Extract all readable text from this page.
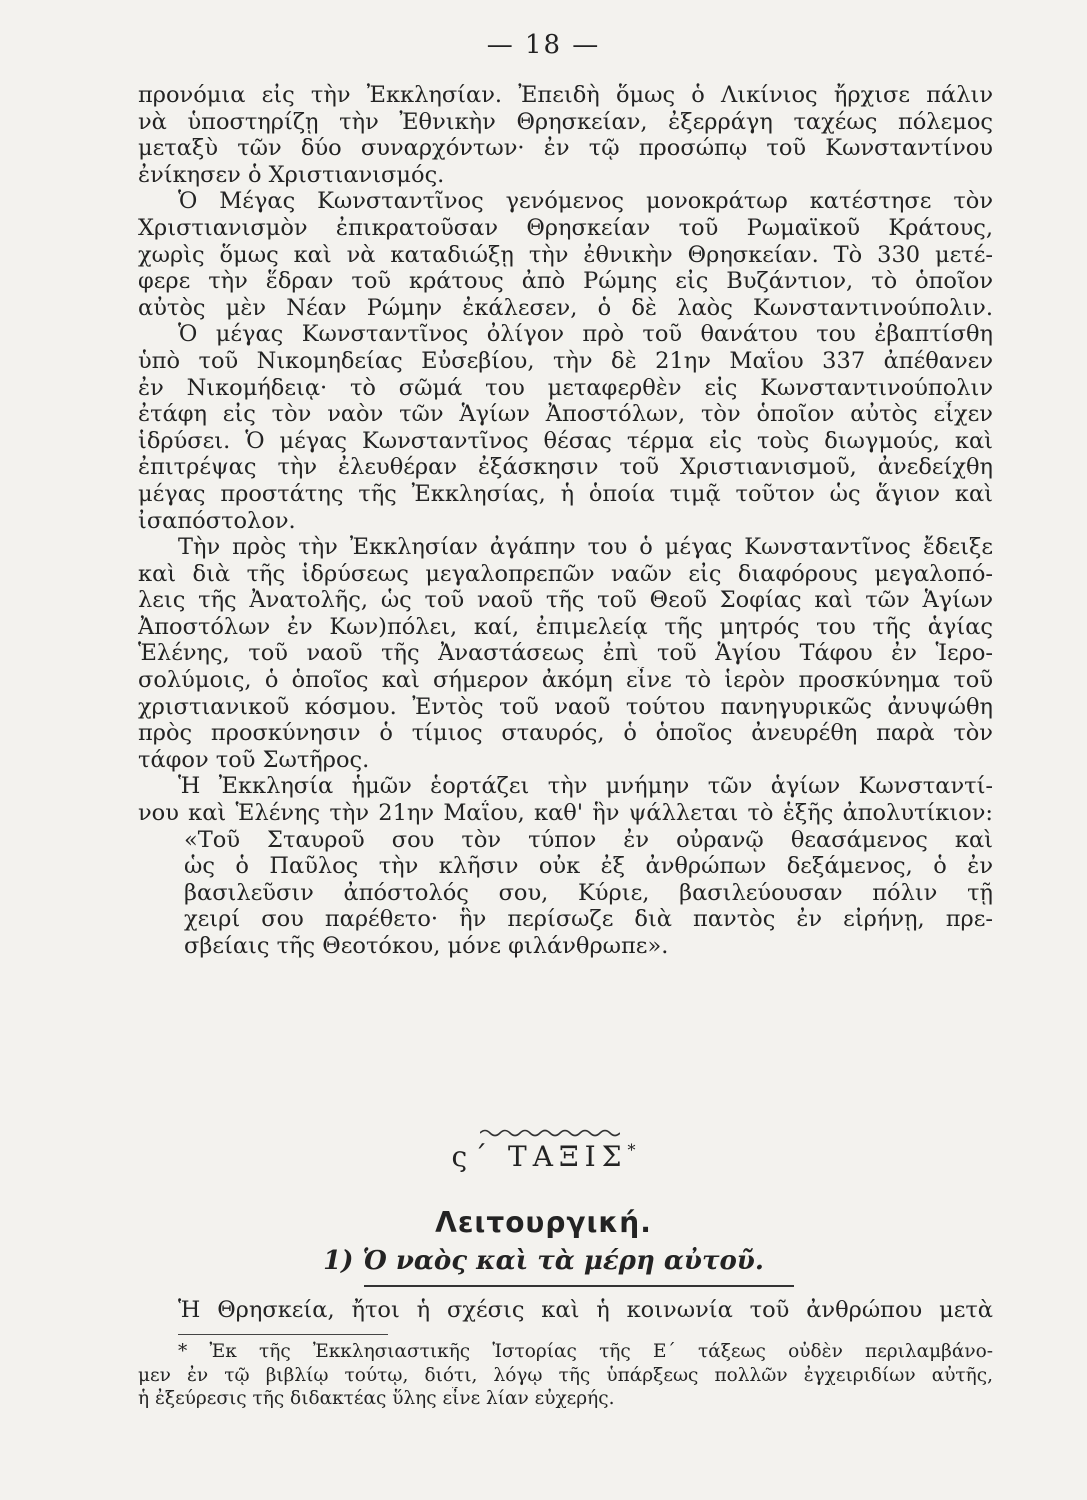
— 18 —
προνόμια εἰς τὴν Ἐκκλησίαν. Ἐπειδὴ ὅμως ὁ Λικίνιος ἤρχισε πάλιν
νὰ ὑποστηρίζῃ τὴν Ἐθνικὴν Θρησκείαν, ἐξερράγη ταχέως πόλεμος
μεταξὺ τῶν δύο συναρχόντων· ἐν τῷ προσώπῳ τοῦ Κωνσταντίνου
ἐνίκησεν ὁ Χριστιανισμός.
Ὁ Μέγας Κωνσταντῖνος γενόμενος μονοκράτωρ κατέστησε τὸν
Χριστιανισμὸν ἐπικρατοῦσαν Θρησκείαν τοῦ Ρωμαϊκοῦ Κράτους,
χωρὶς ὅμως καὶ νὰ καταδιώξῃ τὴν ἐθνικὴν Θρησκείαν. Τὸ 330 μετέ-
φερε τὴν ἕδραν τοῦ κράτους ἀπὸ Ρώμης εἰς Βυζάντιον, τὸ ὁποῖον
αὐτὸς μὲν Νέαν Ρώμην ἐκάλεσεν, ὁ δὲ λαὸς Κωνσταντινούπολιν.
Ὁ μέγας Κωνσταντῖνος ὀλίγον πρὸ τοῦ θανάτου του ἐβαπτίσθη
ὑπὸ τοῦ Νικομηδείας Εὐσεβίου, τὴν δὲ 21ην Μαΐου 337 ἀπέθανεν
ἐν Νικομήδειᾳ· τὸ σῶμά του μεταφερθὲν εἰς Κωνσταντινούπολιν
ἐτάφη εἰς τὸν ναὸν τῶν Ἁγίων Ἀποστόλων, τὸν ὁποῖον αὐτὸς εἶχεν
ἱδρύσει. Ὁ μέγας Κωνσταντῖνος θέσας τέρμα εἰς τοὺς διωγμούς, καὶ
ἐπιτρέψας τὴν ἐλευθέραν ἐξάσκησιν τοῦ Χριστιανισμοῦ, ἀνεδείχθη
μέγας προστάτης τῆς Ἐκκλησίας, ἡ ὁποία τιμᾷ τοῦτον ὡς ἅγιον καὶ
ἰσαπόστολον.
Τὴν πρὸς τὴν Ἐκκλησίαν ἀγάπην του ὁ μέγας Κωνσταντῖνος ἔδειξε
καὶ διὰ τῆς ἱδρύσεως μεγαλοπρεπῶν ναῶν εἰς διαφόρους μεγαλοπό-
λεις τῆς Ἀνατολῆς, ὡς τοῦ ναοῦ τῆς τοῦ Θεοῦ Σοφίας καὶ τῶν Ἁγίων
Ἀποστόλων ἐν Κων)πόλει, καί, ἐπιμελείᾳ τῆς μητρός του τῆς ἁγίας
Ἑλένης, τοῦ ναοῦ τῆς Ἀναστάσεως ἐπὶ τοῦ Ἁγίου Τάφου ἐν Ἱερο-
σολύμοις, ὁ ὁποῖος καὶ σήμερον ἀκόμη εἶνε τὸ ἱερὸν προσκύνημα τοῦ
χριστιανικοῦ κόσμου. Ἐντὸς τοῦ ναοῦ τούτου πανηγυρικῶς ἀνυψώθη
πρὸς προσκύνησιν ὁ τίμιος σταυρός, ὁ ὁποῖος ἀνευρέθη παρὰ τὸν
τάφον τοῦ Σωτῆρος.
Ἡ Ἐκκλησία ἡμῶν ἑορτάζει τὴν μνήμην τῶν ἁγίων Κωνσταντί-
νου καὶ Ἑλένης τὴν 21ην Μαΐου, καθ' ἣν ψάλλεται τὸ ἑξῆς ἀπολυτίκιον:
«Τοῦ Σταυροῦ σου τὸν τύπον ἐν οὐρανῷ θεασάμενος καὶ
ὡς ὁ Παῦλος τὴν κλῆσιν οὐκ ἐξ ἀνθρώπων δεξάμενος, ὁ ἐν
βασιλεῦσιν ἀπόστολός σου, Κύριε, βασιλεύουσαν πόλιν τῇ
χειρί σου παρέθετο· ἣν περίσωζε διὰ παντὸς ἐν εἰρήνῃ, πρε-
σβείαις τῆς Θεοτόκου, μόνε φιλάνθρωπε».
ς΄ ΤΑΞΙΣ*
Λειτουργική.
1) Ὁ ναὸς καὶ τὰ μέρη αὐτοῦ.
Ἡ Θρησκεία, ἤτοι ἡ σχέσις καὶ ἡ κοινωνία τοῦ ἀνθρώπου μετὰ
* Ἐκ τῆς Ἐκκλησιαστικῆς Ἱστορίας τῆς Ε΄ τάξεως οὐδὲν περιλαμβάνο-
μεν ἐν τῷ βιβλίῳ τούτῳ, διότι, λόγῳ τῆς ὑπάρξεως πολλῶν ἐγχειριδίων αὐτῆς,
ἡ ἐξεύρεσις τῆς διδακτέας ὕλης εἶνε λίαν εὐχερής.
